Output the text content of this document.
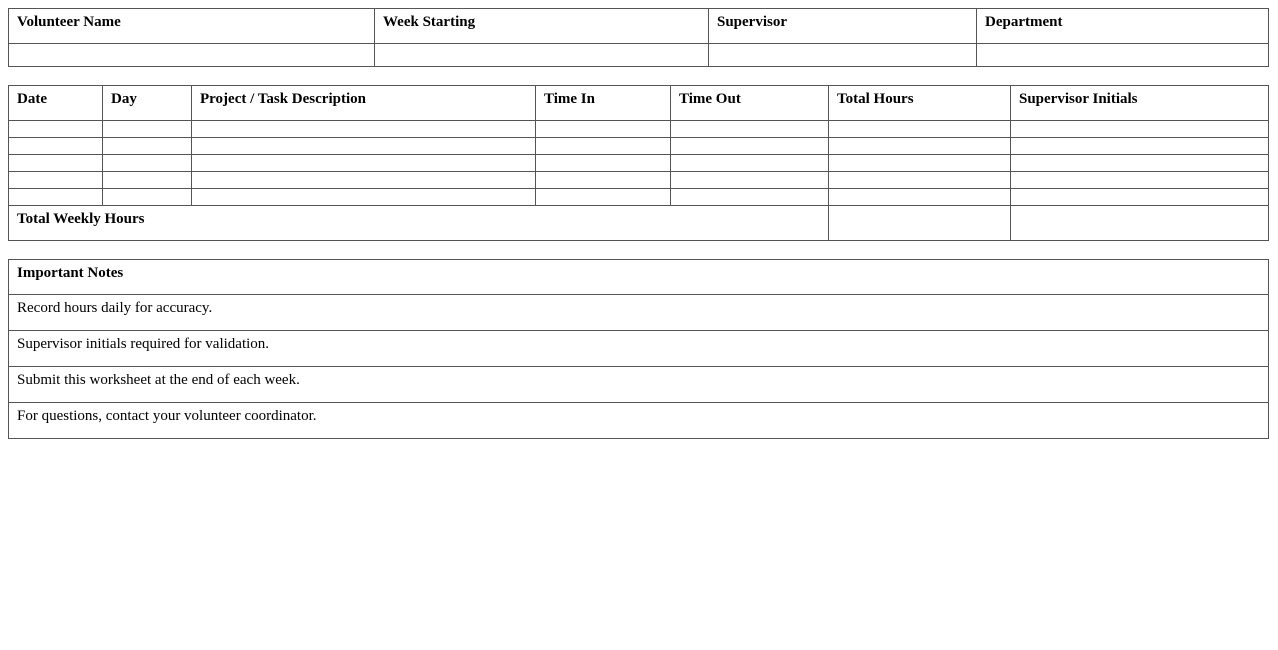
Volunteer Name	Week Starting	Supervisor	Department

Date	Day	Project / Task Description	Time In	Time Out	Total Hours	Supervisor Initials

Total Weekly Hours						
Important Notes
Record hours daily for accuracy.
Supervisor initials required for validation.
Submit this worksheet at the end of each week.
For questions, contact your volunteer coordinator.
